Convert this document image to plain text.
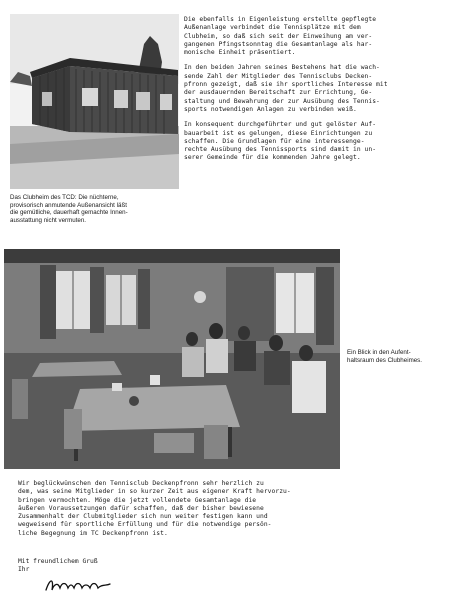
Die ebenfalls in Eigenleistung erstellte gepflegte
Außenanlage verbindet die Tennisplätze mit dem
Clubheim, so daß sich seit der Einweihung am ver-
gangenen Pfingstsonntag die Gesamtanlage als har-
monische Einheit präsentiert.

In den beiden Jahren seines Bestehens hat die wach-
sende Zahl der Mitglieder des Tennisclubs Decken-
pfronn gezeigt, daß sie ihr sportliches Interesse mit
der ausdauernden Bereitschaft zur Errichtung, Ge-
staltung und Bewahrung der zur Ausübung des Tennis-
sports notwendigen Anlagen zu verbinden weiß.

In konsequent durchgeführter und gut gelöster Auf-
bauarbeit ist es gelungen, diese Einrichtungen zu
schaffen. Die Grundlagen für eine interessenge-
rechte Ausübung des Tennissports sind damit in un-
serer Gemeinde für die kommenden Jahre gelegt.

Das Clubheim des TCD: Die nüchterne,
provisorisch anmutende Außenansicht läßt
die gemütliche, dauerhaft gemachte Innen-
ausstattung nicht vermuten.
Ein Blick in den Aufent-
haltsraum des Clubheimes.

Wir beglückwünschen den Tennisclub Deckenpfronn sehr herzlich zu
dem, was seine Mitglieder in so kurzer Zeit aus eigener Kraft hervorzu-
bringen vermochten. Möge die jetzt vollendete Gesamtanlage die
äußeren Voraussetzungen dafür schaffen, daß der bisher bewiesene
Zusammenhalt der Clubmitglieder sich nun weiter festigen kann und
wegweisend für sportliche Erfüllung und für die notwendige persön-
liche Begegnung im TC Deckenpfronn ist.

Mit freundlichem Gruß
Ihr
